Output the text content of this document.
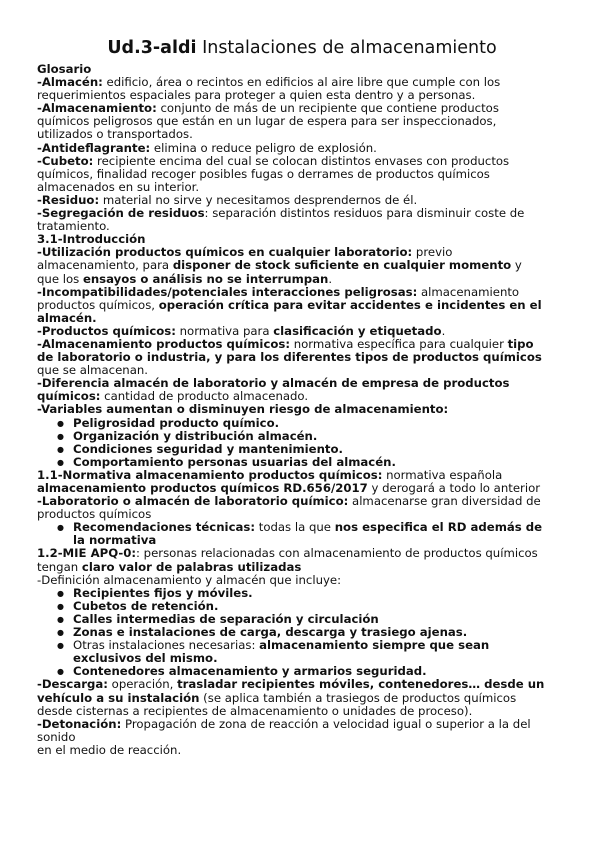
Ud.3-aldi Instalaciones de almacenamiento
Glosario
-Almacén: edificio, área o recintos en edificios al aire libre que cumple con los
requerimientos espaciales para proteger a quien esta dentro y a personas.
-Almacenamiento: conjunto de más de un recipiente que contiene productos
químicos peligrosos que están en un lugar de espera para ser inspeccionados,
utilizados o transportados.
-Antideflagrante: elimina o reduce peligro de explosión.
-Cubeto: recipiente encima del cual se colocan distintos envases con productos
químicos, finalidad recoger posibles fugas o derrames de productos químicos
almacenados en su interior.
-Residuo: material no sirve y necesitamos desprendernos de él.
-Segregación de residuos: separación distintos residuos para disminuir coste de
tratamiento.
3.1-Introducción
-Utilización productos químicos en cualquier laboratorio: previo
almacenamiento, para disponer de stock suficiente en cualquier momento y
que los ensayos o análisis no se interrumpan.
-Incompatibilidades/potenciales interacciones peligrosas: almacenamiento
productos químicos, operación crítica para evitar accidentes e incidentes en el
almacén.
-Productos químicos: normativa para clasificación y etiquetado.
-Almacenamiento productos químicos: normativa específica para cualquier tipo
de laboratorio o industria, y para los diferentes tipos de productos químicos
que se almacenan.
-Diferencia almacén de laboratorio y almacén de empresa de productos
químicos: cantidad de producto almacenado.
-Variables aumentan o disminuyen riesgo de almacenamiento:
● Peligrosidad producto químico.
● Organización y distribución almacén.
● Condiciones seguridad y mantenimiento.
● Comportamiento personas usuarias del almacén.
1.1-Normativa almacenamiento productos químicos: normativa española
almacenamiento productos químicos RD.656/2017 y derogará a todo lo anterior
-Laboratorio o almacén de laboratorio químico: almacenarse gran diversidad de
productos químicos
● Recomendaciones técnicas: todas la que nos especifica el RD además de
la normativa
1.2-MIE APQ-0:: personas relacionadas con almacenamiento de productos químicos
tengan claro valor de palabras utilizadas
-Definición almacenamiento y almacén que incluye:
● Recipientes fijos y móviles.
● Cubetos de retención.
● Calles intermedias de separación y circulación
● Zonas e instalaciones de carga, descarga y trasiego ajenas.
● Otras instalaciones necesarias: almacenamiento siempre que sean
exclusivos del mismo.
● Contenedores almacenamiento y armarios seguridad.
-Descarga: operación, trasladar recipientes móviles, contenedores… desde un
vehículo a su instalación (se aplica también a trasiegos de productos químicos
desde cisternas a recipientes de almacenamiento o unidades de proceso).
-Detonación: Propagación de zona de reacción a velocidad igual o superior a la del
sonido
en el medio de reacción.
